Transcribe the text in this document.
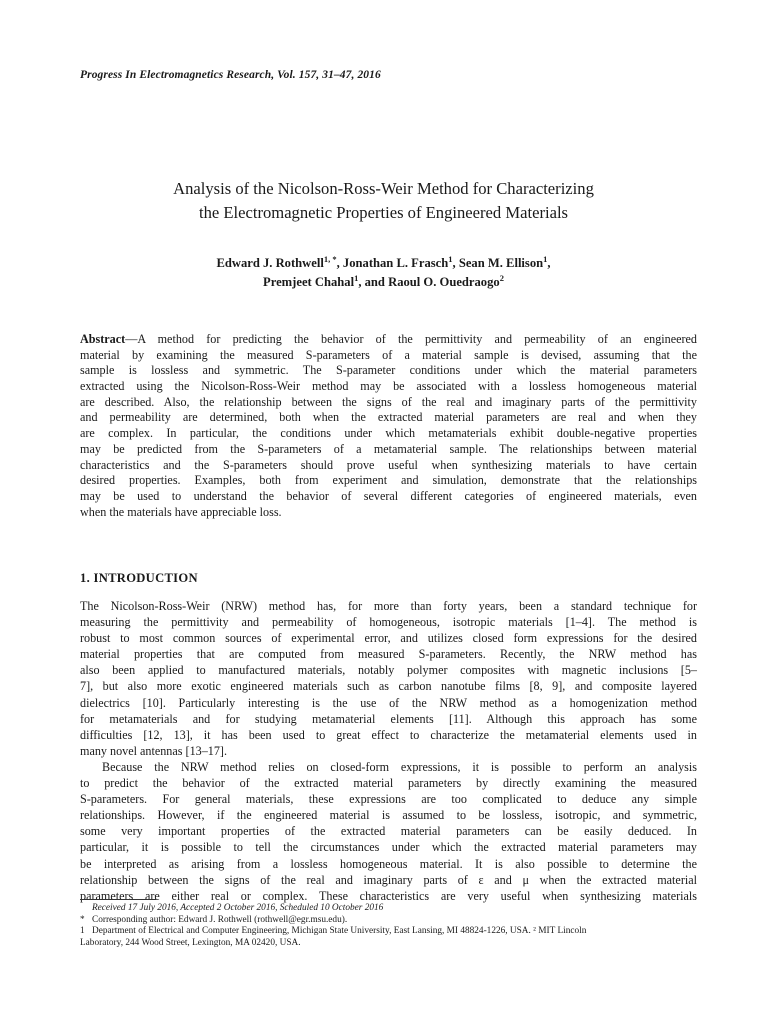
Progress In Electromagnetics Research, Vol. 157, 31–47, 2016
Analysis of the Nicolson-Ross-Weir Method for Characterizing
the Electromagnetic Properties of Engineered Materials
Edward J. Rothwell$^{1, *}$, Jonathan L. Frasch$^1$, Sean M. Ellison$^1$,
Premjeet Chahal$^1$, and Raoul O. Ouedraogo$^2$
Abstract—A method for predicting the behavior of the permittivity and permeability of an engineered
material by examining the measured S-parameters of a material sample is devised, assuming that the
sample is lossless and symmetric. The S-parameter conditions under which the material parameters
extracted using the Nicolson-Ross-Weir method may be associated with a lossless homogeneous material
are described. Also, the relationship between the signs of the real and imaginary parts of the permittivity
and permeability are determined, both when the extracted material parameters are real and when they
are complex. In particular, the conditions under which metamaterials exhibit double-negative properties
may be predicted from the S-parameters of a metamaterial sample. The relationships between material
characteristics and the S-parameters should prove useful when synthesizing materials to have certain
desired properties. Examples, both from experiment and simulation, demonstrate that the relationships
may be used to understand the behavior of several different categories of engineered materials, even
when the materials have appreciable loss.
1. INTRODUCTION
The Nicolson-Ross-Weir (NRW) method has, for more than forty years, been a standard technique for
measuring the permittivity and permeability of homogeneous, isotropic materials [1–4]. The method is
robust to most common sources of experimental error, and utilizes closed form expressions for the desired
material properties that are computed from measured S-parameters. Recently, the NRW method has
also been applied to manufactured materials, notably polymer composites with magnetic inclusions [5–
7], but also more exotic engineered materials such as carbon nanotube films [8, 9], and composite layered
dielectrics [10]. Particularly interesting is the use of the NRW method as a homogenization method
for metamaterials and for studying metamaterial elements [11]. Although this approach has some
difficulties [12, 13], it has been used to great effect to characterize the metamaterial elements used in
many novel antennas [13–17].
Because the NRW method relies on closed-form expressions, it is possible to perform an analysis
to predict the behavior of the extracted material parameters by directly examining the measured
S-parameters. For general materials, these expressions are too complicated to deduce any simple
relationships. However, if the engineered material is assumed to be lossless, isotropic, and symmetric,
some very important properties of the extracted material parameters can be easily deduced. In
particular, it is possible to tell the circumstances under which the extracted material parameters may
be interpreted as arising from a lossless homogeneous material. It is also possible to determine the
relationship between the signs of the real and imaginary parts of ε and μ when the extracted material
parameters are either real or complex. These characteristics are very useful when synthesizing materials
Received 17 July 2016, Accepted 2 October 2016, Scheduled 10 October 2016
* Corresponding author: Edward J. Rothwell (rothwell@egr.msu.edu).
1 Department of Electrical and Computer Engineering, Michigan State University, East Lansing, MI 48824-1226, USA. ² MIT Lincoln
Laboratory, 244 Wood Street, Lexington, MA 02420, USA.
